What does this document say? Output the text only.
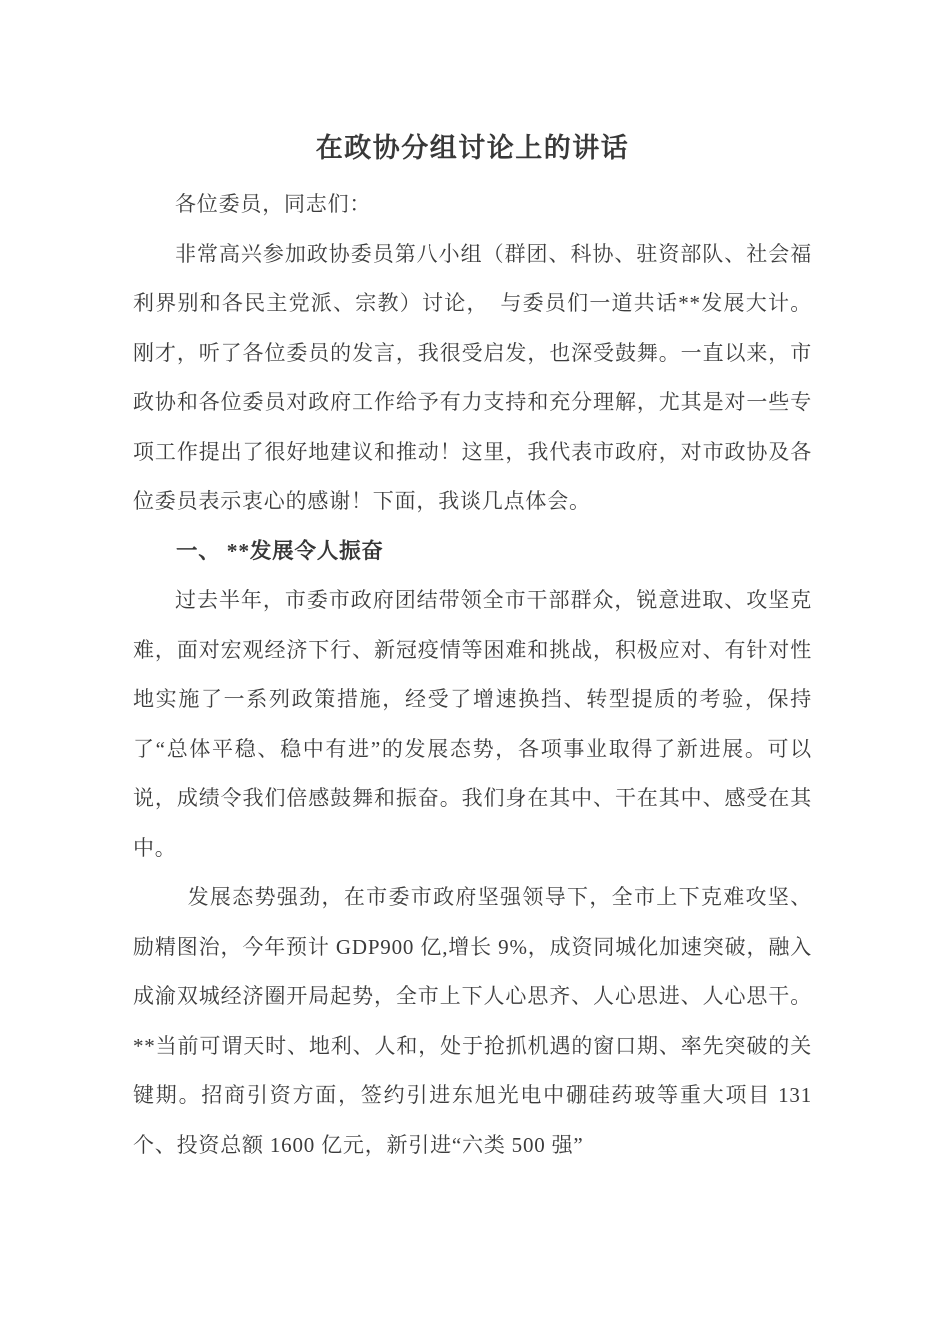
在政协分组讨论上的讲话

各位委员，同志们：

非常高兴参加政协委员第八小组（群团、科协、驻资部队、社会福利界别和各民主党派、宗教）讨论，　与委员们一道共话**发展大计。刚才，听了各位委员的发言，我很受启发，也深受鼓舞。一直以来，市政协和各位委员对政府工作给予有力支持和充分理解，尤其是对一些专项工作提出了很好地建议和推动！这里，我代表市政府，对市政协及各位委员表示衷心的感谢！下面，我谈几点体会。

一、 **发展令人振奋

过去半年，市委市政府团结带领全市干部群众，锐意进取、攻坚克难，面对宏观经济下行、新冠疫情等困难和挑战，积极应对、有针对性地实施了一系列政策措施，经受了增速换挡、转型提质的考验，保持了“总体平稳、稳中有进”的发展态势，各项事业取得了新进展。可以说，成绩令我们倍感鼓舞和振奋。我们身在其中、干在其中、感受在其中。

发展态势强劲，在市委市政府坚强领导下，全市上下克难攻坚、励精图治，今年预计 GDP900 亿,增长 9%，成资同城化加速突破，融入成渝双城经济圈开局起势，全市上下人心思齐、人心思进、人心思干。**当前可谓天时、地利、人和，处于抢抓机遇的窗口期、率先突破的关键期。招商引资方面，签约引进东旭光电中硼硅药玻等重大项目 131 个、投资总额 1600 亿元，新引进“六类 500 强”
